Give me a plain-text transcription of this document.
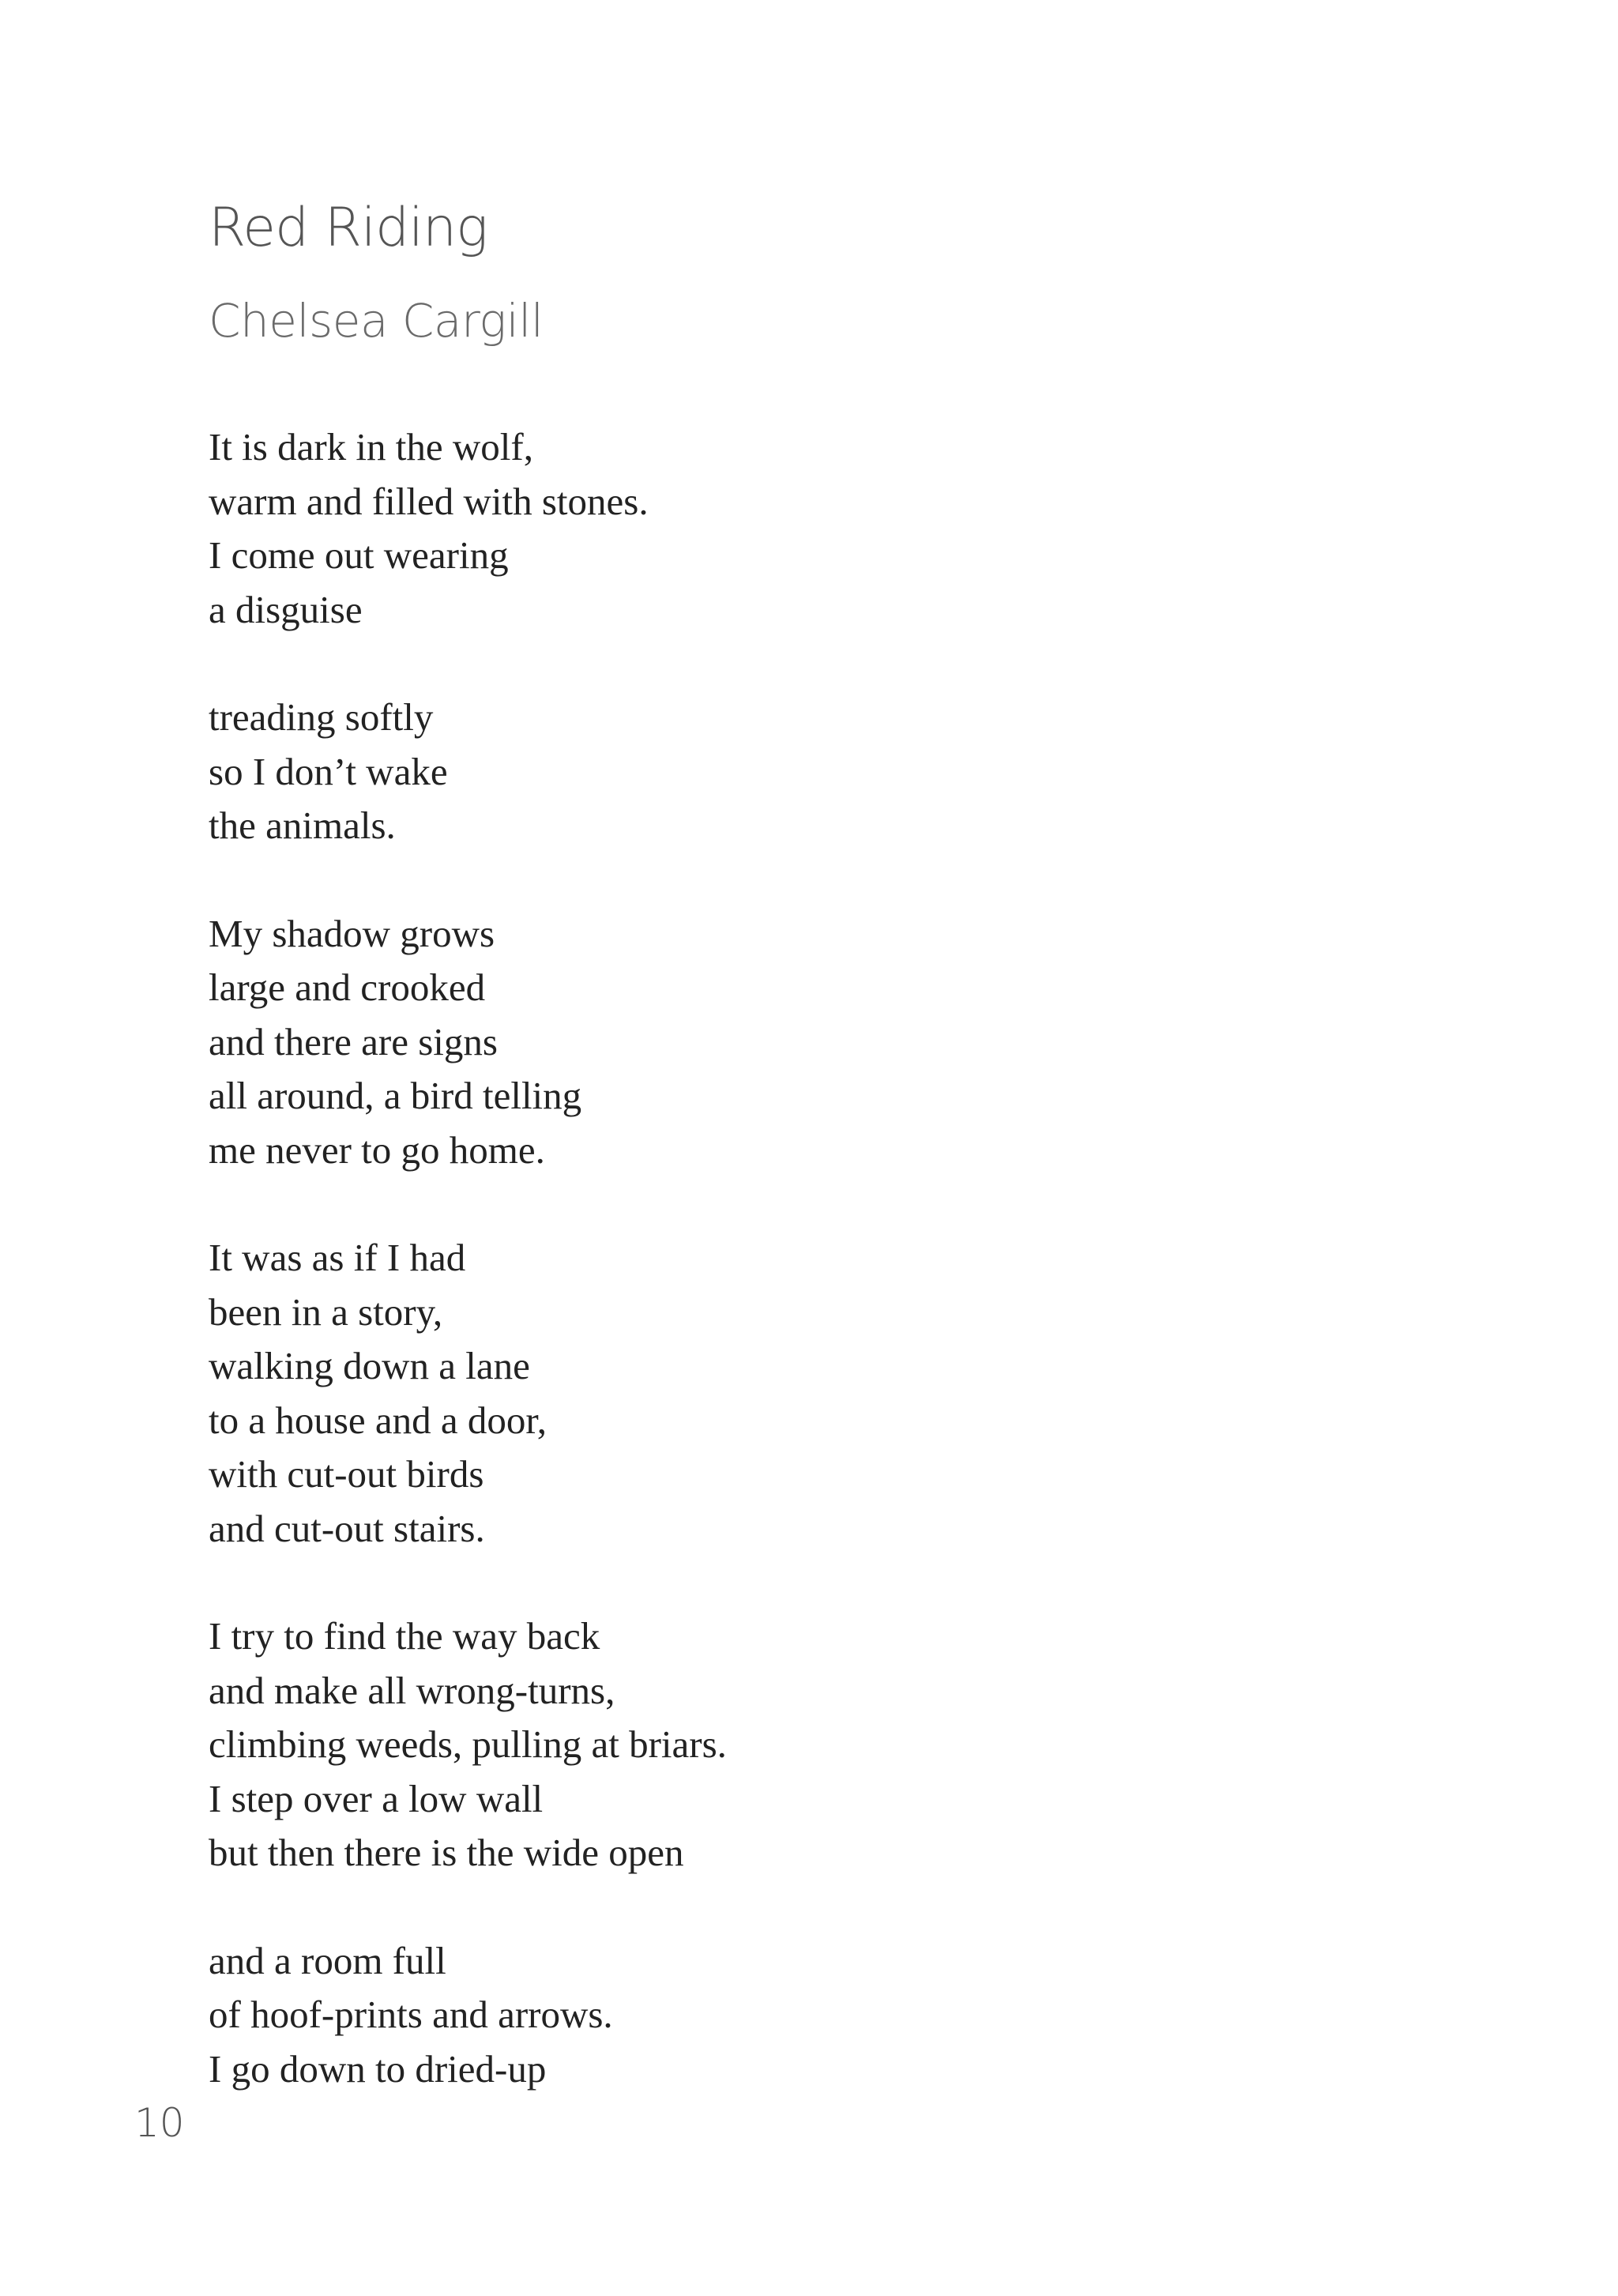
Red Riding
Chelsea Cargill
It is dark in the wolf,
warm and filled with stones.
I come out wearing
a disguise
treading softly
so I don’t wake
the animals.
My shadow grows
large and crooked
and there are signs
all around, a bird telling
me never to go home.
It was as if I had
been in a story,
walking down a lane
to a house and a door,
with cut-out birds
and cut-out stairs.
I try to find the way back
and make all wrong-turns,
climbing weeds, pulling at briars.
I step over a low wall
but then there is the wide open
and a room full
of hoof-prints and arrows.
I go down to dried-up
10
